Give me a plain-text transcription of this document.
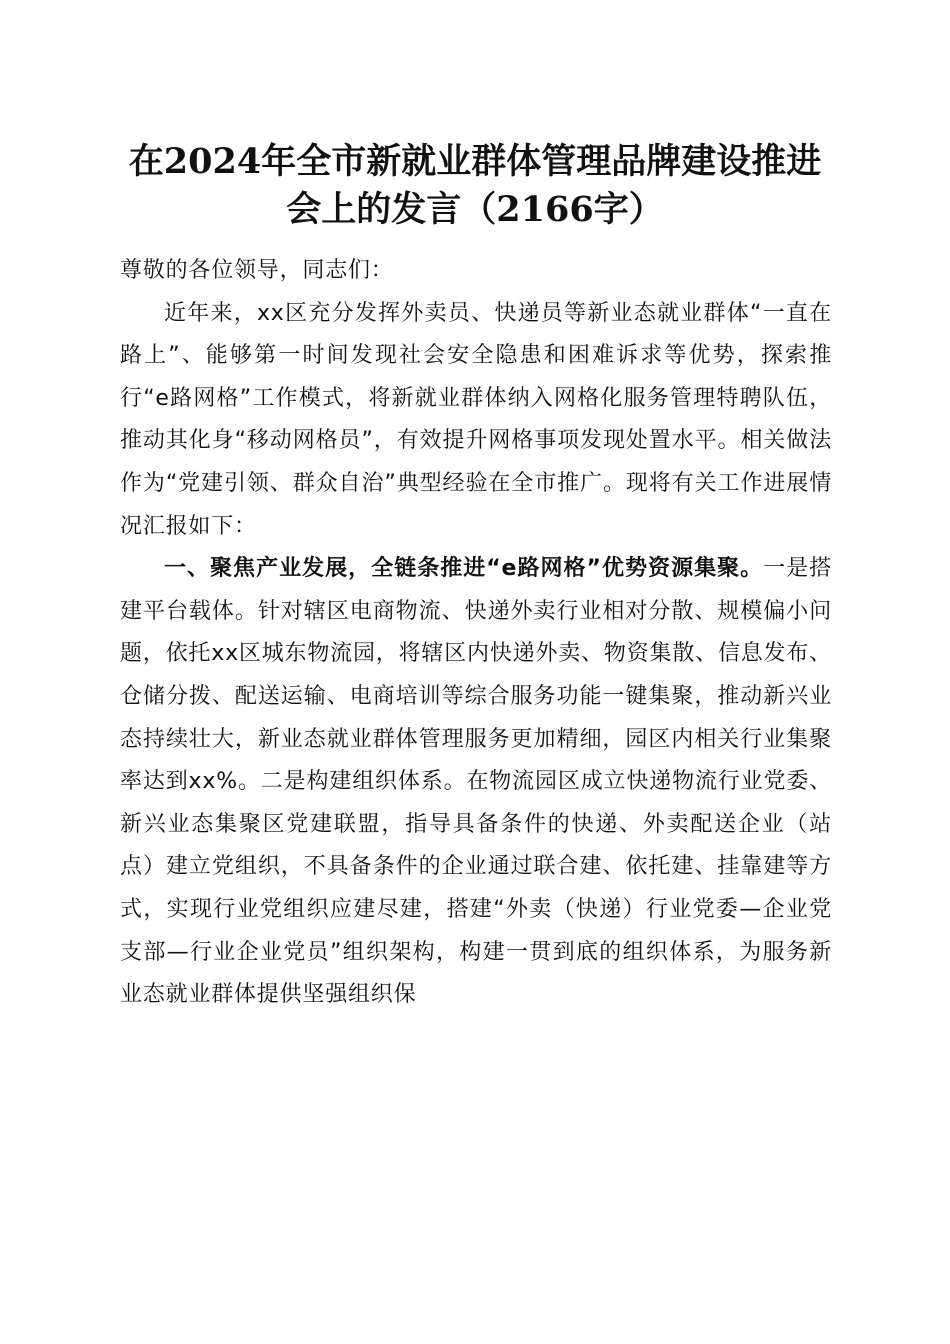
在2024年全市新就业群体管理品牌建设推进
会上的发言（2166字）

尊敬的各位领导，同志们：

近年来，xx区充分发挥外卖员、快递员等新业态就业群体“一直在路上”、能够第一时间发现社会安全隐患和困难诉求等优势，探索推行“e路网格”工作模式，将新就业群体纳入网格化服务管理特聘队伍，推动其化身“移动网格员”，有效提升网格事项发现处置水平。相关做法作为“党建引领、群众自治”典型经验在全市推广。现将有关工作进展情况汇报如下：

一、聚焦产业发展，全链条推进“e路网格”优势资源集聚。一是搭建平台载体。针对辖区电商物流、快递外卖行业相对分散、规模偏小问题，依托xx区城东物流园，将辖区内快递外卖、物资集散、信息发布、仓储分拨、配送运输、电商培训等综合服务功能一键集聚，推动新兴业态持续壮大，新业态就业群体管理服务更加精细，园区内相关行业集聚率达到xx%。二是构建组织体系。在物流园区成立快递物流行业党委、新兴业态集聚区党建联盟，指导具备条件的快递、外卖配送企业（站点）建立党组织，不具备条件的企业通过联合建、依托建、挂靠建等方式，实现行业党组织应建尽建，搭建“外卖（快递）行业党委—企业党支部—行业企业党员”组织架构，构建一贯到底的组织体系，为服务新业态就业群体提供坚强组织保
